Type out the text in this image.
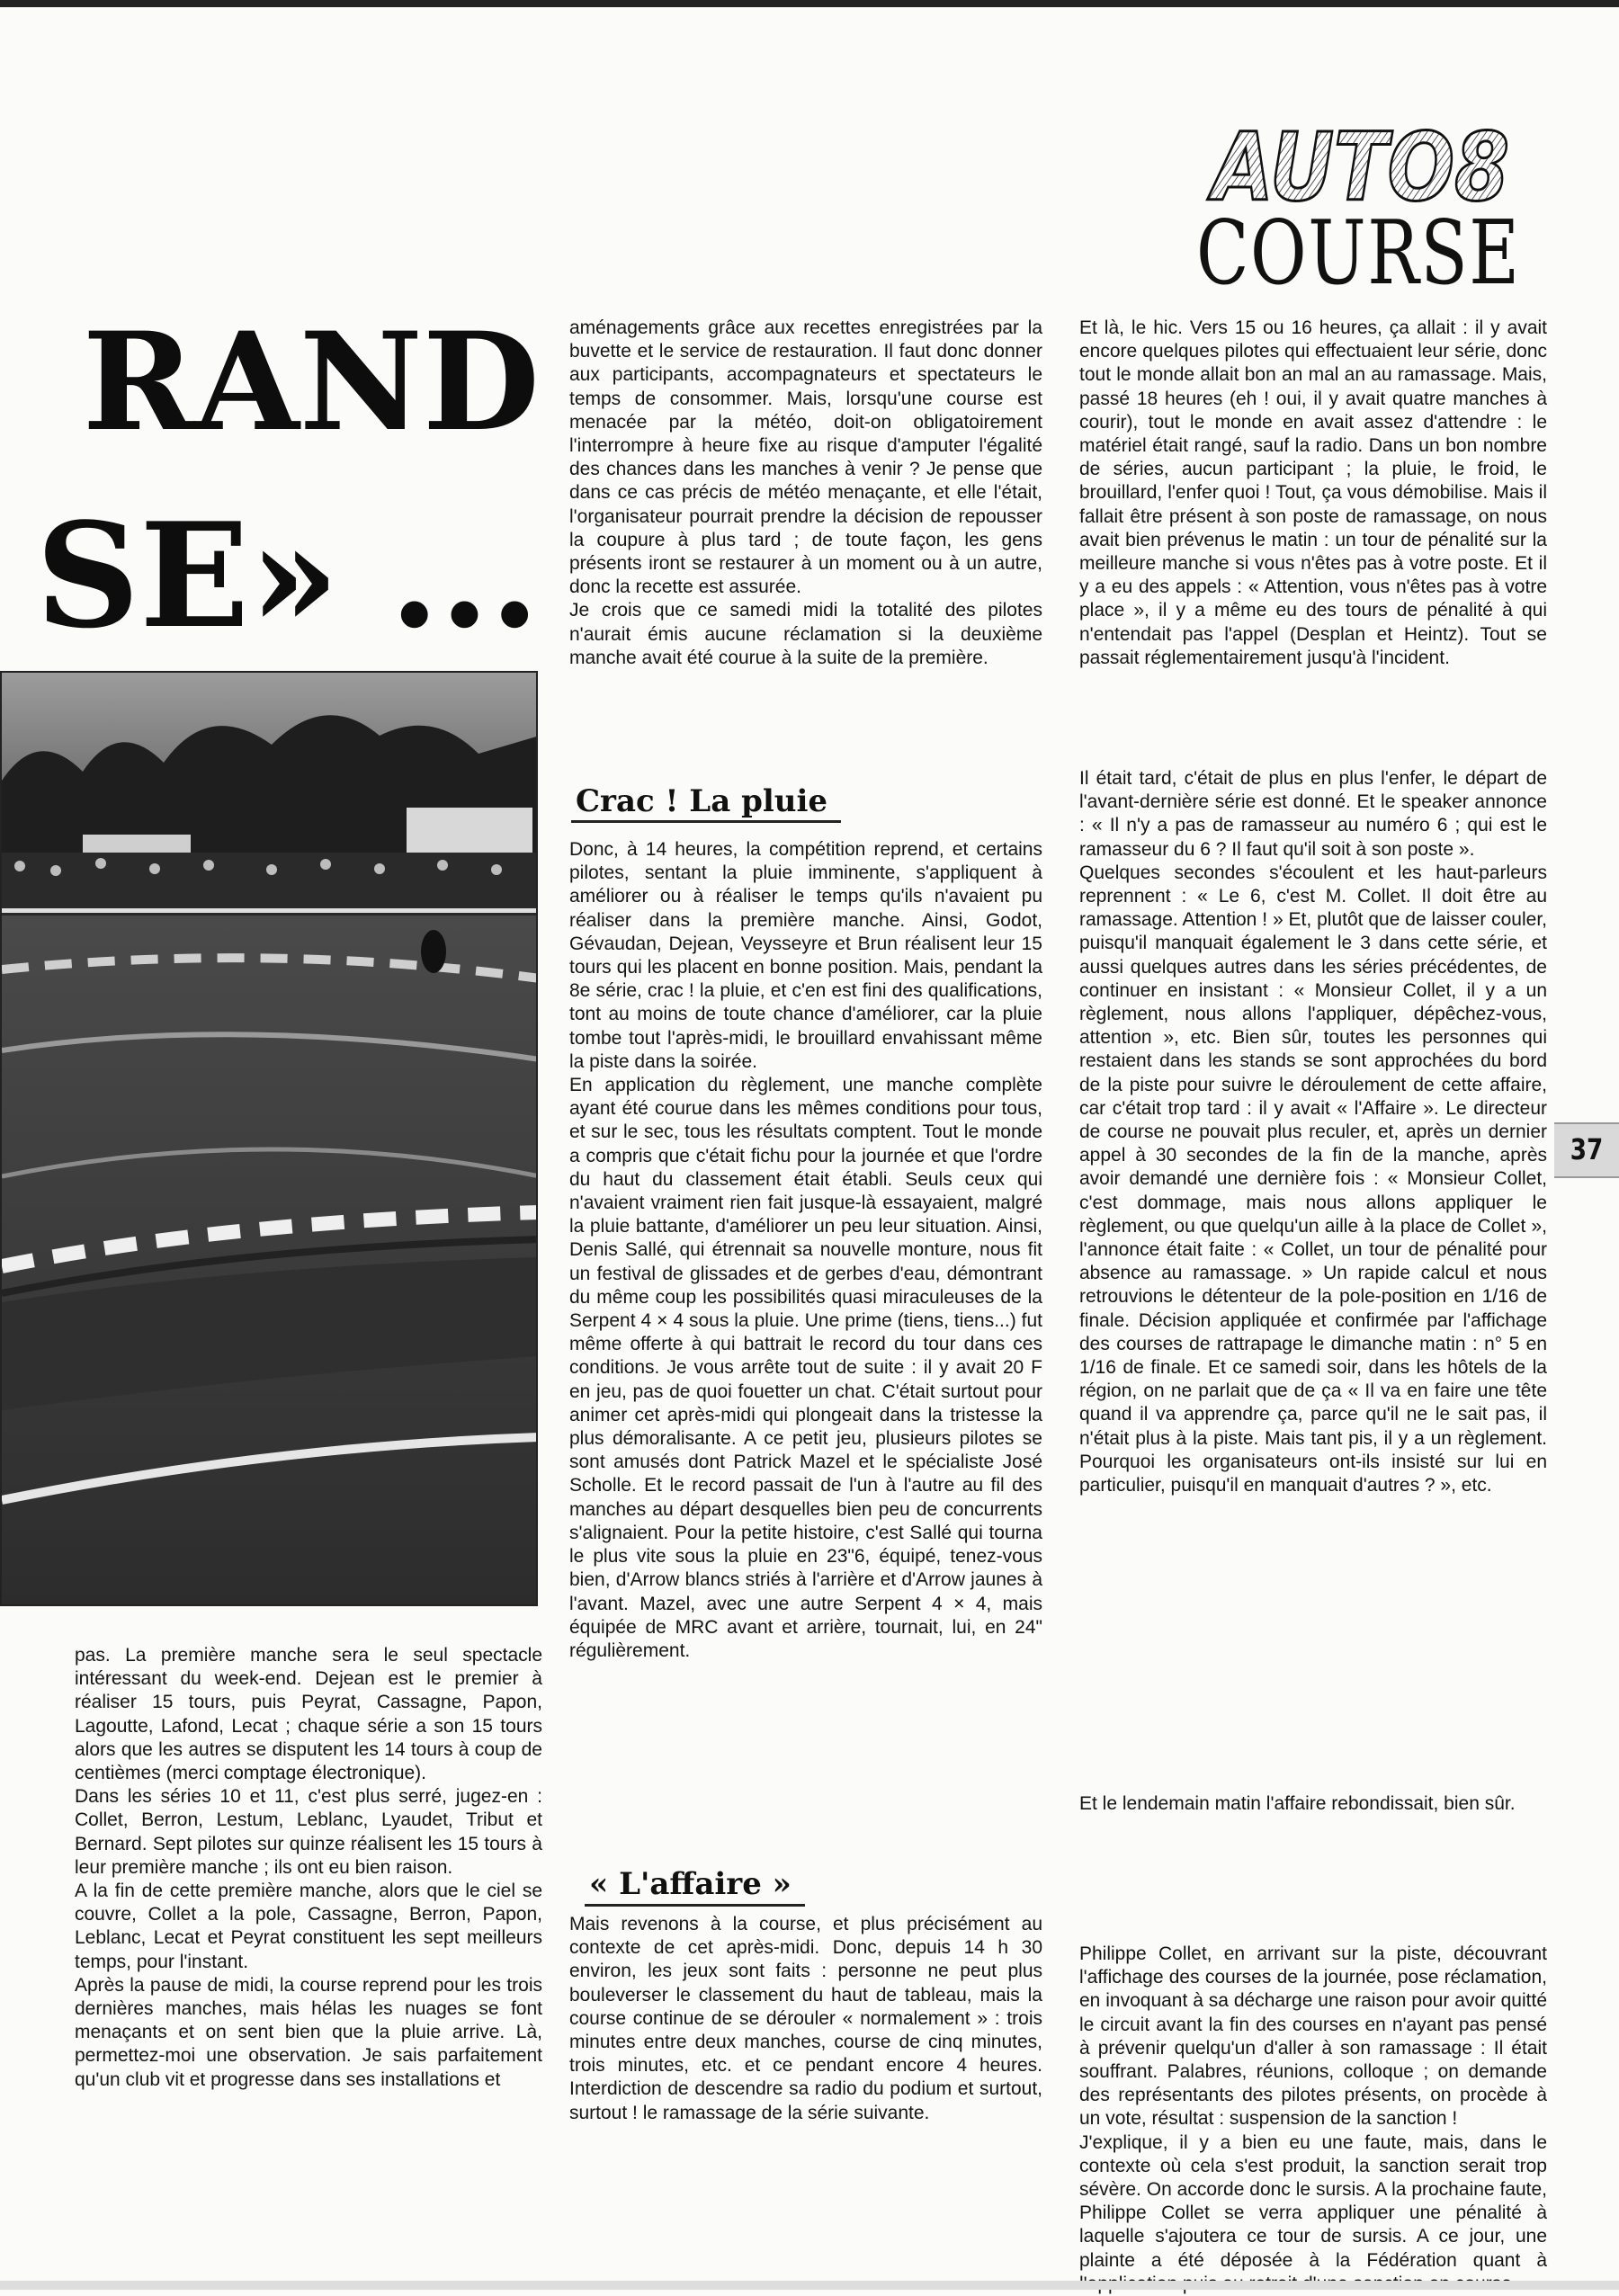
AUTO8
COURSE
RAND
SE» ...

pas. La première manche sera le seul spectacle intéressant du week-end. Dejean est le premier à réaliser 15 tours, puis Peyrat, Cassagne, Papon, Lagoutte, Lafond, Lecat ; chaque série a son 15 tours alors que les autres se disputent les 14 tours à coup de centièmes (merci comptage électronique).

Dans les séries 10 et 11, c'est plus serré, jugez-en : Collet, Berron, Lestum, Leblanc, Lyaudet, Tribut et Bernard. Sept pilotes sur quinze réalisent les 15 tours à leur première manche ; ils ont eu bien raison.

A la fin de cette première manche, alors que le ciel se couvre, Collet a la pole, Cassagne, Berron, Papon, Leblanc, Lecat et Peyrat constituent les sept meilleurs temps, pour l'instant.

Après la pause de midi, la course reprend pour les trois dernières manches, mais hélas les nuages se font menaçants et on sent bien que la pluie arrive. Là, permettez-moi une observation. Je sais parfaitement qu'un club vit et progresse dans ses installations et

aménagements grâce aux recettes enregistrées par la buvette et le service de restauration. Il faut donc donner aux participants, accompagnateurs et spectateurs le temps de consommer. Mais, lorsqu'une course est menacée par la météo, doit-on obligatoirement l'interrompre à heure fixe au risque d'amputer l'égalité des chances dans les manches à venir ? Je pense que dans ce cas précis de météo menaçante, et elle l'était, l'organisateur pourrait prendre la décision de repousser la coupure à plus tard ; de toute façon, les gens présents iront se restaurer à un moment ou à un autre, donc la recette est assurée.

Je crois que ce samedi midi la totalité des pilotes n'aurait émis aucune réclamation si la deuxième manche avait été courue à la suite de la première.

Crac ! La pluie

Donc, à 14 heures, la compétition reprend, et certains pilotes, sentant la pluie imminente, s'appliquent à améliorer ou à réaliser le temps qu'ils n'avaient pu réaliser dans la première manche. Ainsi, Godot, Gévaudan, Dejean, Veysseyre et Brun réalisent leur 15 tours qui les placent en bonne position. Mais, pendant la 8e série, crac ! la pluie, et c'en est fini des qualifications, tont au moins de toute chance d'améliorer, car la pluie tombe tout l'après-midi, le brouillard envahissant même la piste dans la soirée.

En application du règlement, une manche complète ayant été courue dans les mêmes conditions pour tous, et sur le sec, tous les résultats comptent. Tout le monde a compris que c'était fichu pour la journée et que l'ordre du haut du classement était établi. Seuls ceux qui n'avaient vraiment rien fait jusque-là essayaient, malgré la pluie battante, d'améliorer un peu leur situation. Ainsi, Denis Sallé, qui étrennait sa nouvelle monture, nous fit un festival de glissades et de gerbes d'eau, démontrant du même coup les possibilités quasi miraculeuses de la Serpent 4 × 4 sous la pluie. Une prime (tiens, tiens...) fut même offerte à qui battrait le record du tour dans ces conditions. Je vous arrête tout de suite : il y avait 20 F en jeu, pas de quoi fouetter un chat. C'était surtout pour animer cet après-midi qui plongeait dans la tristesse la plus démoralisante. A ce petit jeu, plusieurs pilotes se sont amusés dont Patrick Mazel et le spécialiste José Scholle. Et le record passait de l'un à l'autre au fil des manches au départ desquelles bien peu de concurrents s'alignaient. Pour la petite histoire, c'est Sallé qui tourna le plus vite sous la pluie en 23"6, équipé, tenez-vous bien, d'Arrow blancs striés à l'arrière et d'Arrow jaunes à l'avant. Mazel, avec une autre Serpent 4 × 4, mais équipée de MRC avant et arrière, tournait, lui, en 24" régulièrement.

« L'affaire »

Mais revenons à la course, et plus précisément au contexte de cet après-midi. Donc, depuis 14 h 30 environ, les jeux sont faits : personne ne peut plus bouleverser le classement du haut de tableau, mais la course continue de se dérouler « normalement » : trois minutes entre deux manches, course de cinq minutes, trois minutes, etc. et ce pendant encore 4 heures. Interdiction de descendre sa radio du podium et surtout, surtout ! le ramassage de la série suivante.

Et là, le hic. Vers 15 ou 16 heures, ça allait : il y avait encore quelques pilotes qui effectuaient leur série, donc tout le monde allait bon an mal an au ramassage. Mais, passé 18 heures (eh ! oui, il y avait quatre manches à courir), tout le monde en avait assez d'attendre : le matériel était rangé, sauf la radio. Dans un bon nombre de séries, aucun participant ; la pluie, le froid, le brouillard, l'enfer quoi ! Tout, ça vous démobilise. Mais il fallait être présent à son poste de ramassage, on nous avait bien prévenus le matin : un tour de pénalité sur la meilleure manche si vous n'êtes pas à votre poste. Et il y a eu des appels : « Attention, vous n'êtes pas à votre place », il y a même eu des tours de pénalité à qui n'entendait pas l'appel (Desplan et Heintz). Tout se passait réglementairement jusqu'à l'incident.

Il était tard, c'était de plus en plus l'enfer, le départ de l'avant-dernière série est donné. Et le speaker annonce : « Il n'y a pas de ramasseur au numéro 6 ; qui est le ramasseur du 6 ? Il faut qu'il soit à son poste ».

Quelques secondes s'écoulent et les haut-parleurs reprennent : « Le 6, c'est M. Collet. Il doit être au ramassage. Attention ! » Et, plutôt que de laisser couler, puisqu'il manquait également le 3 dans cette série, et aussi quelques autres dans les séries précédentes, de continuer en insistant : « Monsieur Collet, il y a un règlement, nous allons l'appliquer, dépêchez-vous, attention », etc. Bien sûr, toutes les personnes qui restaient dans les stands se sont approchées du bord de la piste pour suivre le déroulement de cette affaire, car c'était trop tard : il y avait « l'Affaire ». Le directeur de course ne pouvait plus reculer, et, après un dernier appel à 30 secondes de la fin de la manche, après avoir demandé une dernière fois : « Monsieur Collet, c'est dommage, mais nous allons appliquer le règlement, ou que quelqu'un aille à la place de Collet », l'annonce était faite : « Collet, un tour de pénalité pour absence au ramassage. » Un rapide calcul et nous retrouvions le détenteur de la pole-position en 1/16 de finale. Décision appliquée et confirmée par l'affichage des courses de rattrapage le dimanche matin : n° 5 en 1/16 de finale. Et ce samedi soir, dans les hôtels de la région, on ne parlait que de ça « Il va en faire une tête quand il va apprendre ça, parce qu'il ne le sait pas, il n'était plus à la piste. Mais tant pis, il y a un règlement. Pourquoi les organisateurs ont-ils insisté sur lui en particulier, puisqu'il en manquait d'autres ? », etc.

Et le lendemain matin l'affaire rebondissait, bien sûr.

Philippe Collet, en arrivant sur la piste, découvrant l'affichage des courses de la journée, pose réclamation, en invoquant à sa décharge une raison pour avoir quitté le circuit avant la fin des courses en n'ayant pas pensé à prévenir quelqu'un d'aller à son ramassage : Il était souffrant. Palabres, réunions, colloque ; on demande des représentants des pilotes présents, on procède à un vote, résultat : suspension de la sanction !

J'explique, il y a bien eu une faute, mais, dans le contexte où cela s'est produit, la sanction serait trop sévère. On accorde donc le sursis. A la prochaine faute, Philippe Collet se verra appliquer une pénalité à laquelle s'ajoutera ce tour de sursis. A ce jour, une plainte a été déposée à la Fédération quant à

37
